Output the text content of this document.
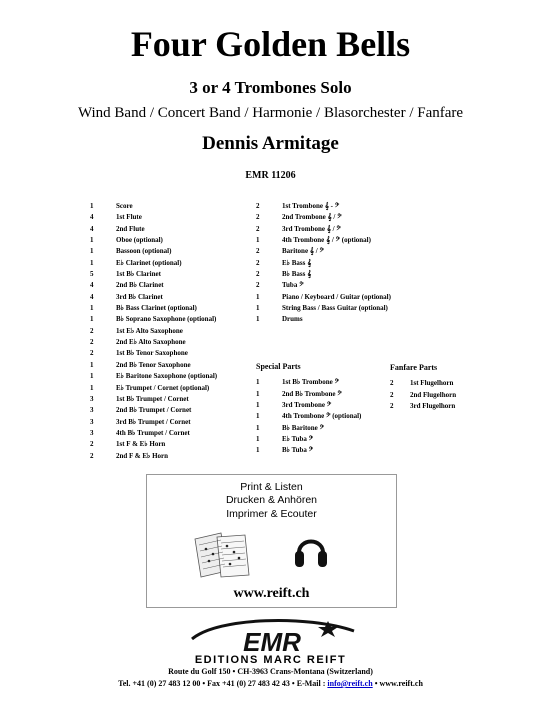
Four Golden Bells
3 or 4 Trombones Solo
Wind Band / Concert Band / Harmonie / Blasorchester / Fanfare
Dennis Armitage
EMR 11206
1	Score
4	1st Flute
4	2nd Flute
1	Oboe (optional)
1	Bassoon (optional)
1	E♭ Clarinet (optional)
5	1st B♭ Clarinet
4	2nd B♭ Clarinet
4	3rd B♭ Clarinet
1	B♭ Bass Clarinet (optional)
1	B♭ Soprano Saxophone (optional)
2	1st E♭ Alto Saxophone
2	2nd E♭ Alto Saxophone
2	1st B♭ Tenor Saxophone
1	2nd B♭ Tenor Saxophone
1	E♭ Baritone Saxophone (optional)
1	E♭ Trumpet / Cornet (optional)
3	1st B♭ Trumpet / Cornet
3	2nd B♭ Trumpet / Cornet
3	3rd B♭ Trumpet / Cornet
3	4th B♭ Trumpet / Cornet
2	1st F & E♭ Horn
2	2nd F & E♭ Horn
2	1st Trombone 𝄞 - 𝄢
2	2nd Trombone 𝄞 / 𝄢
2	3rd Trombone 𝄞 / 𝄢
1	4th Trombone 𝄞 / 𝄢 (optional)
2	Baritone 𝄞 / 𝄢
2	E♭ Bass 𝄞
2	B♭ Bass 𝄞
2	Tuba 𝄢
1	Piano / Keyboard / Guitar (optional)
1	String Bass / Bass Guitar (optional)
1	Drums
Special Parts
1	1st B♭ Trombone 𝄢
1	2nd B♭ Trombone 𝄢
1	3rd Trombone 𝄢
1	4th Trombone 𝄢 (optional)
1	B♭ Baritone 𝄢
1	E♭ Tuba 𝄢
1	B♭ Tuba 𝄢
Fanfare Parts
2	1st Flugelhorn
2	2nd Flugelhorn
2	3rd Flugelhorn
Print & Listen
Drucken & Anhören
Imprimer & Ecouter
www.reift.ch
EMR
EDITIONS MARC REIFT
Route du Golf 150 • CH-3963 Crans-Montana (Switzerland)
Tel. +41 (0) 27 483 12 00 • Fax +41 (0) 27 483 42 43 • E-Mail : info@reift.ch • www.reift.ch
